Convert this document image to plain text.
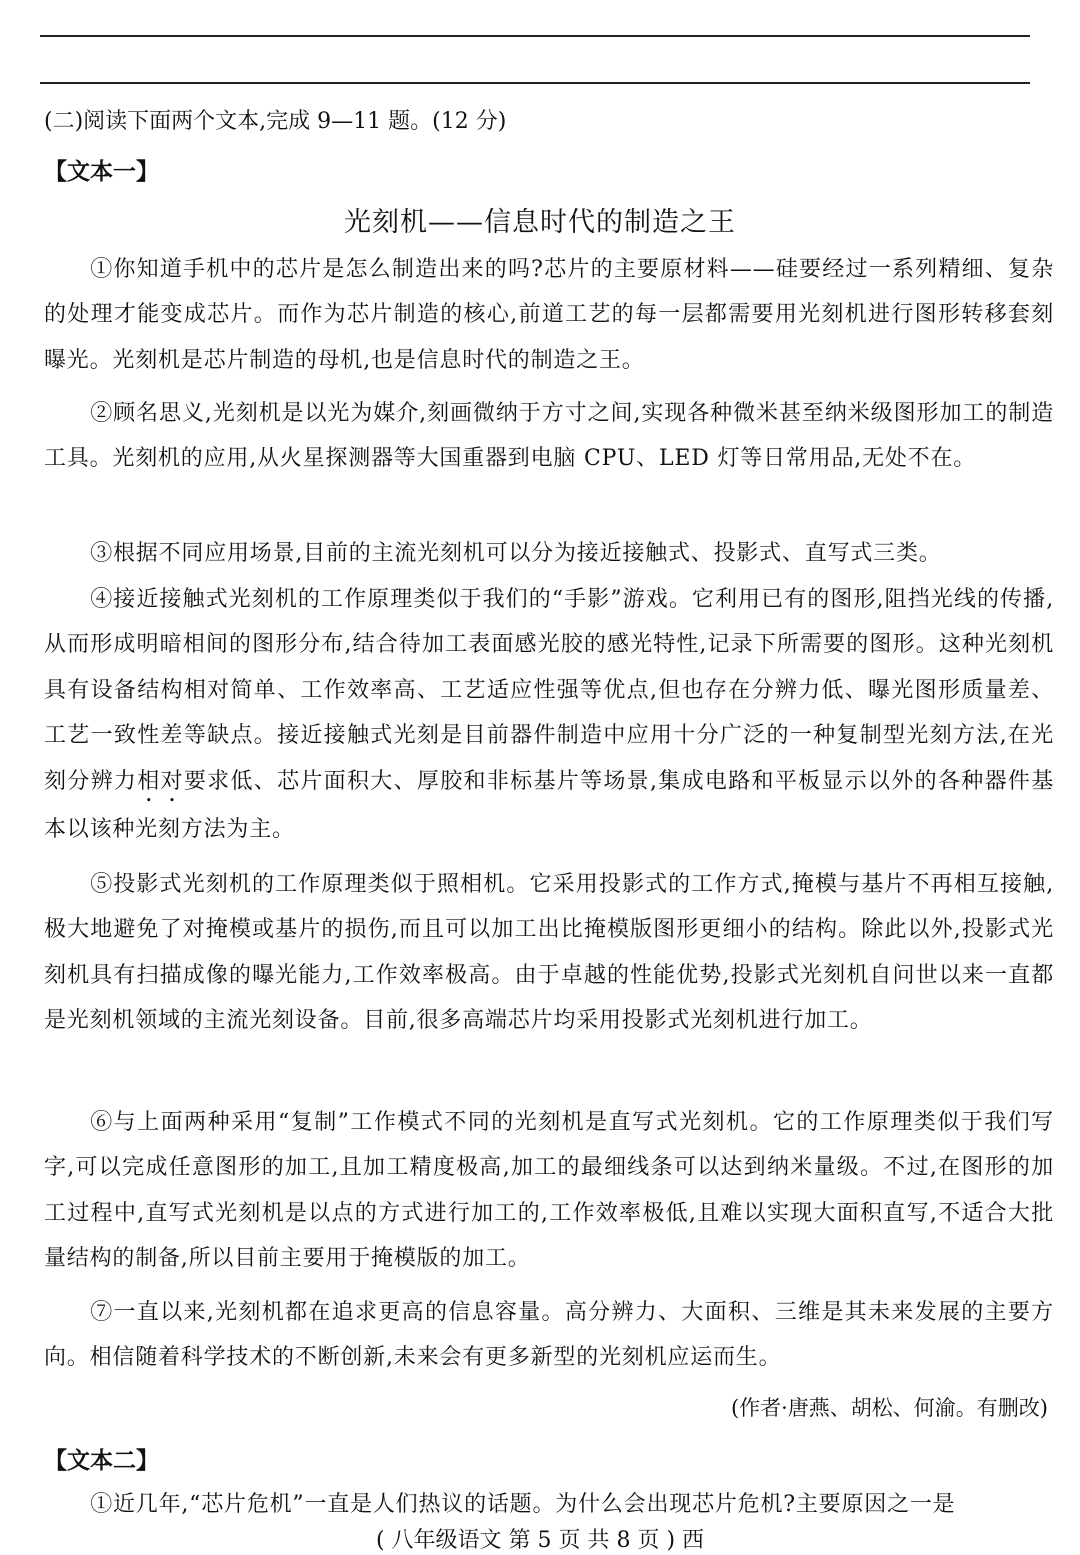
(二)阅读下面两个文本,完成 9—11 题。(12 分)

【文本一】

光刻机——信息时代的制造之王

①你知道手机中的芯片是怎么制造出来的吗?芯片的主要原材料——硅要经过一系列精细、复杂的处理才能变成芯片。而作为芯片制造的核心,前道工艺的每一层都需要用光刻机进行图形转移套刻曝光。光刻机是芯片制造的母机,也是信息时代的制造之王。

②顾名思义,光刻机是以光为媒介,刻画微纳于方寸之间,实现各种微米甚至纳米级图形加工的制造工具。光刻机的应用,从火星探测器等大国重器到电脑 CPU、LED 灯等日常用品,无处不在。

③根据不同应用场景,目前的主流光刻机可以分为接近接触式、投影式、直写式三类。

④接近接触式光刻机的工作原理类似于我们的“手影”游戏。它利用已有的图形,阻挡光线的传播,从而形成明暗相间的图形分布,结合待加工表面感光胶的感光特性,记录下所需要的图形。这种光刻机具有设备结构相对简单、工作效率高、工艺适应性强等优点,但也存在分辨力低、曝光图形质量差、工艺一致性差等缺点。接近接触式光刻是目前器件制造中应用十分广泛的一种复制型光刻方法,在光刻分辨力相对要求低、芯片面积大、厚胶和非标基片等场景,集成电路和平板显示以外的各种器件基本以该种光刻方法为主。

⑤投影式光刻机的工作原理类似于照相机。它采用投影式的工作方式,掩模与基片不再相互接触,极大地避免了对掩模或基片的损伤,而且可以加工出比掩模版图形更细小的结构。除此以外,投影式光刻机具有扫描成像的曝光能力,工作效率极高。由于卓越的性能优势,投影式光刻机自问世以来一直都是光刻机领域的主流光刻设备。目前,很多高端芯片均采用投影式光刻机进行加工。

⑥与上面两种采用“复制”工作模式不同的光刻机是直写式光刻机。它的工作原理类似于我们写字,可以完成任意图形的加工,且加工精度极高,加工的最细线条可以达到纳米量级。不过,在图形的加工过程中,直写式光刻机是以点的方式进行加工的,工作效率极低,且难以实现大面积直写,不适合大批量结构的制备,所以目前主要用于掩模版的加工。

⑦一直以来,光刻机都在追求更高的信息容量。高分辨力、大面积、三维是其未来发展的主要方向。相信随着科学技术的不断创新,未来会有更多新型的光刻机应运而生。

(作者·唐燕、胡松、何渝。有删改)

【文本二】

①近几年,“芯片危机”一直是人们热议的话题。为什么会出现芯片危机?主要原因之一是

( 八年级语文 第 5 页 共 8 页 ) 西
